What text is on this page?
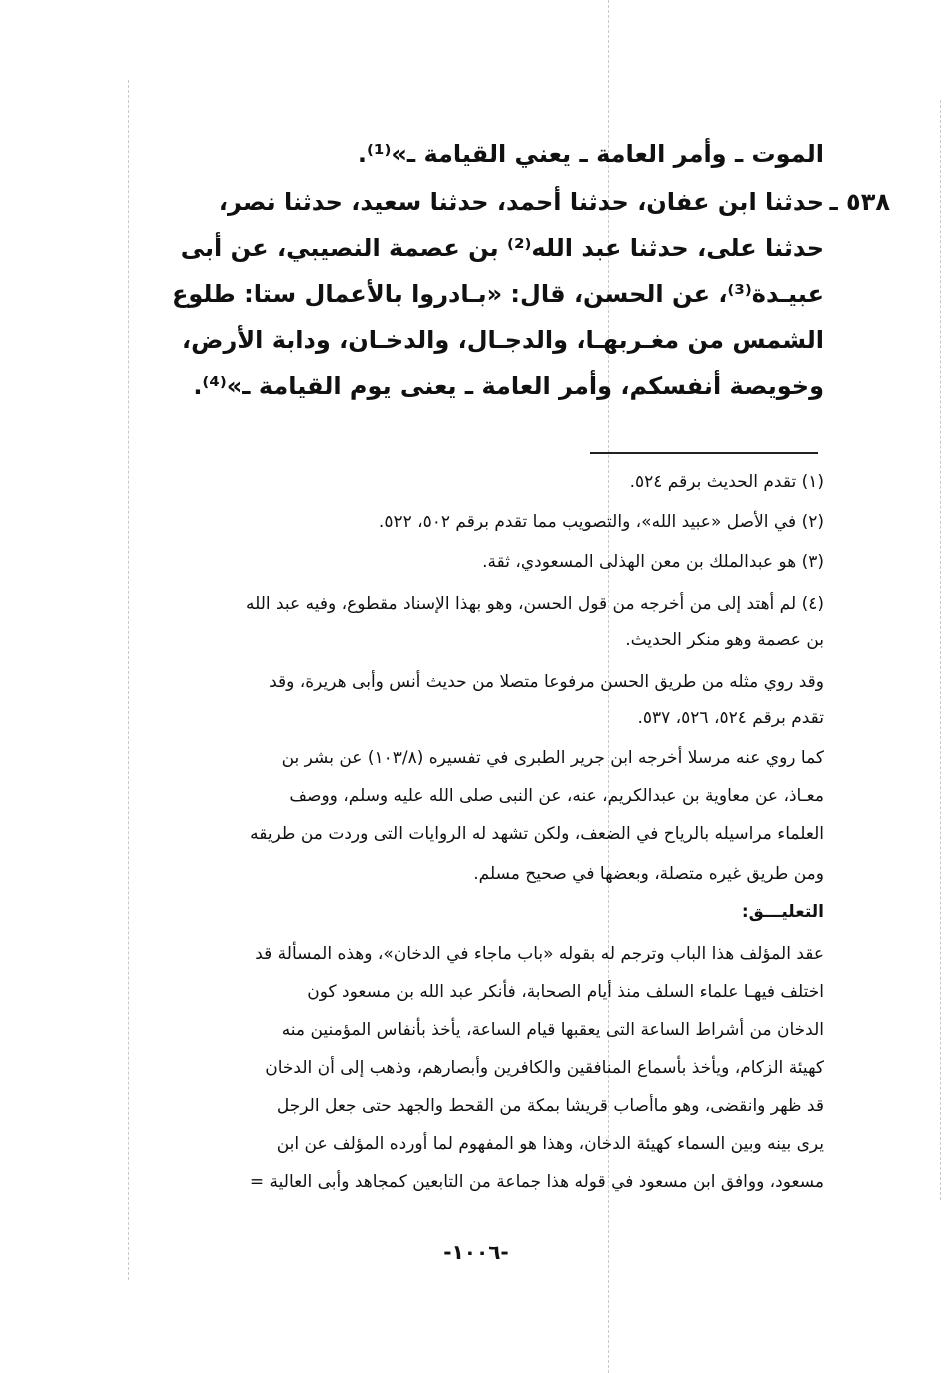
الموت ـ وأمر العامة ـ يعني القيامة ـ»⁽¹⁾.
٥٣٨ ـ
حدثنا ابن عفان، حدثنا أحمد، حدثنا سعيد، حدثنا نصر،
حدثنا على، حدثنا عبد الله⁽²⁾ بن عصمة النصيبي، عن أبى
عبيـدة⁽³⁾، عن الحسن، قال: «بـادروا بالأعمال ستا: طلوع
الشمس من مغـربهـا، والدجـال، والدخـان، ودابة الأرض،
وخويصة أنفسكم، وأمر العامة ـ يعنى يوم القيامة ـ»⁽⁴⁾.
(١) تقدم الحديث برقم ٥٢٤.
(٢) في الأصل «عبيد الله»، والتصويب مما تقدم برقم ٥٠٢، ٥٢٢.
(٣) هو عبدالملك بن معن الهذلى المسعودي، ثقة.
(٤) لم أهتد إلى من أخرجه من قول الحسن، وهو بهذا الإسناد مقطوع، وفيه عبد الله
بن عصمة وهو منكر الحديث.
وقد روي مثله من طريق الحسن مرفوعا متصلا من حديث أنس وأبى هريرة، وقد
تقدم برقم ٥٢٤، ٥٢٦، ٥٣٧.
كما روي عنه مرسلا أخرجه ابن جرير الطبرى في تفسيره (١٠٣/٨) عن بشر بن
معـاذ، عن معاوية بن عبدالكريم، عنه، عن النبى صلى الله عليه وسلم، ووصف
العلماء مراسيله بالرياح في الضعف، ولكن تشهد له الروايات التى وردت من طريقه
ومن طريق غيره متصلة، وبعضها في صحيح مسلم.
التعليـــق:
عقد المؤلف هذا الباب وترجم له بقوله «باب ماجاء في الدخان»، وهذه المسألة قد
اختلف فيهـا علماء السلف منذ أيام الصحابة، فأنكر عبد الله بن مسعود كون
الدخان من أشراط الساعة التى يعقبها قيام الساعة، يأخذ بأنفاس المؤمنين منه
كهيئة الزكام، ويأخذ بأسماع المنافقين والكافرين وأبصارهم، وذهب إلى أن الدخان
قد ظهر وانقضى، وهو ماأصاب قريشا بمكة من القحط والجهد حتى جعل الرجل
يرى بينه وبين السماء كهيئة الدخان، وهذا هو المفهوم لما أورده المؤلف عن ابن
مسعود، ووافق ابن مسعود في قوله هذا جماعة من التابعين كمجاهد وأبى العالية =
-١٠٠٦-
